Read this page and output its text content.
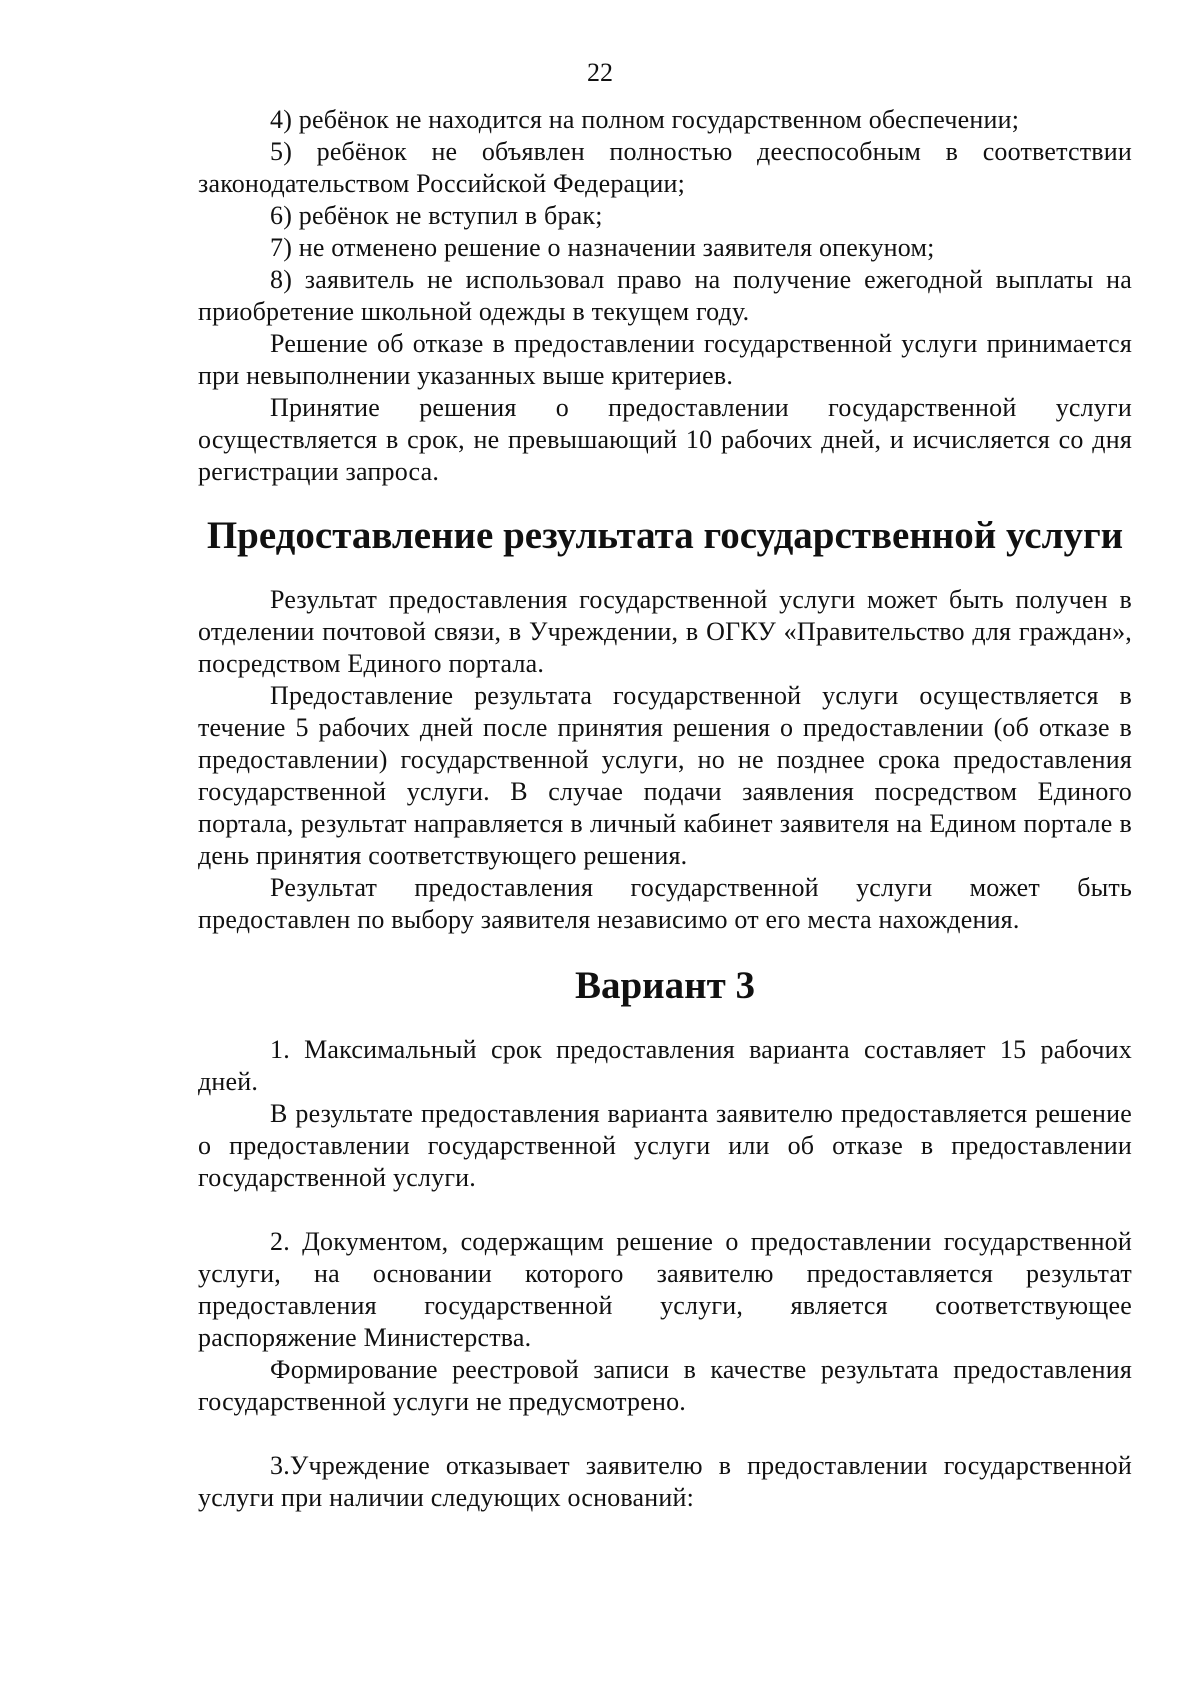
22

4) ребёнок не находится на полном государственном обеспечении;

5) ребёнок не объявлен полностью дееспособным в соответствии законодательством Российской Федерации;

6) ребёнок не вступил в брак;

7) не отменено решение о назначении заявителя опекуном;

8) заявитель не использовал право на получение ежегодной выплаты на приобретение школьной одежды в текущем году.

Решение об отказе в предоставлении государственной услуги принимается при невыполнении указанных выше критериев.

Принятие решения о предоставлении государственной услуги осуществляется в срок, не превышающий 10 рабочих дней, и исчисляется со дня регистрации запроса.

Предоставление результата государственной услуги

Результат предоставления государственной услуги может быть получен в отделении почтовой связи, в Учреждении, в ОГКУ «Правительство для граждан», посредством Единого портала.

Предоставление результата государственной услуги осуществляется в течение 5 рабочих дней после принятия решения о предоставлении (об отказе в предоставлении) государственной услуги, но не позднее срока предоставления государственной услуги. В случае подачи заявления посредством Единого портала, результат направляется в личный кабинет заявителя на Едином портале в день принятия соответствующего решения.

Результат предоставления государственной услуги может быть предоставлен по выбору заявителя независимо от его места нахождения.

Вариант 3

1. Максимальный срок предоставления варианта составляет 15 рабочих дней.

В результате предоставления варианта заявителю предоставляется решение о предоставлении государственной услуги или об отказе в предоставлении государственной услуги.

2. Документом, содержащим решение о предоставлении государственной услуги, на основании которого заявителю предоставляется результат предоставления государственной услуги, является соответствующее распоряжение Министерства.

Формирование реестровой записи в качестве результата предоставления государственной услуги не предусмотрено.

3.Учреждение отказывает заявителю в предоставлении государственной услуги при наличии следующих оснований:
